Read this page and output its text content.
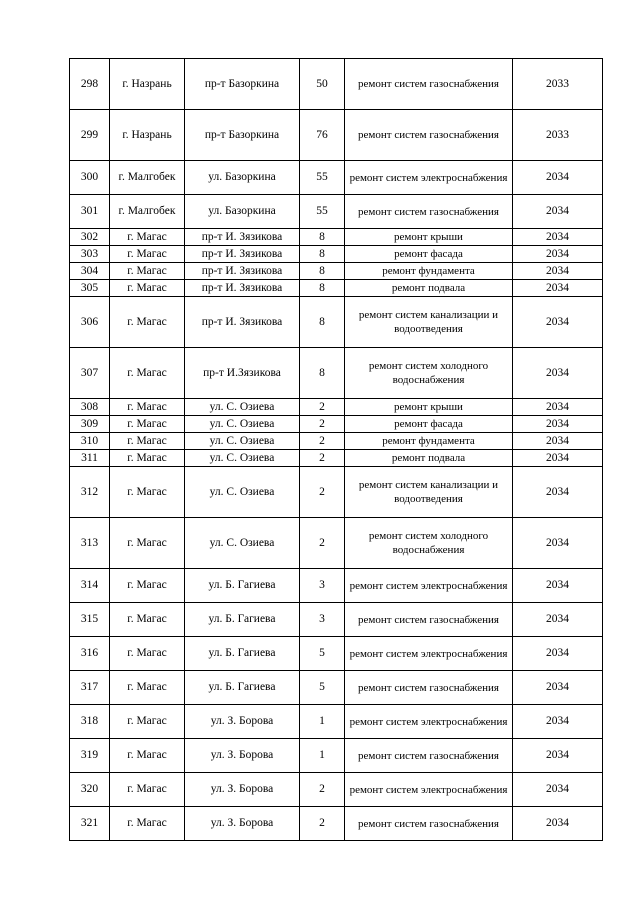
298	г. Назрань	пр-т Базоркина	50	ремонт систем газоснабжения	2033
299	г. Назрань	пр-т Базоркина	76	ремонт систем газоснабжения	2033
300	г. Малгобек	ул. Базоркина	55	ремонт систем электроснабжения	2034
301	г. Малгобек	ул. Базоркина	55	ремонт систем газоснабжения	2034
302	г. Магас	пр-т И. Зязикова	8	ремонт крыши	2034
303	г. Магас	пр-т И. Зязикова	8	ремонт фасада	2034
304	г. Магас	пр-т И. Зязикова	8	ремонт фундамента	2034
305	г. Магас	пр-т И. Зязикова	8	ремонт подвала	2034
306	г. Магас	пр-т И. Зязикова	8	ремонт систем канализации и водоотведения	2034
307	г. Магас	пр-т И.Зязикова	8	ремонт систем холодного водоснабжения	2034
308	г. Магас	ул. С. Озиева	2	ремонт крыши	2034
309	г. Магас	ул. С. Озиева	2	ремонт фасада	2034
310	г. Магас	ул. С. Озиева	2	ремонт фундамента	2034
311	г. Магас	ул. С. Озиева	2	ремонт подвала	2034
312	г. Магас	ул. С. Озиева	2	ремонт систем канализации и водоотведения	2034
313	г. Магас	ул. С. Озиева	2	ремонт систем холодного водоснабжения	2034
314	г. Магас	ул. Б. Гагиева	3	ремонт систем электроснабжения	2034
315	г. Магас	ул. Б. Гагиева	3	ремонт систем газоснабжения	2034
316	г. Магас	ул. Б. Гагиева	5	ремонт систем электроснабжения	2034
317	г. Магас	ул. Б. Гагиева	5	ремонт систем газоснабжения	2034
318	г. Магас	ул. З. Борова	1	ремонт систем электроснабжения	2034
319	г. Магас	ул. З. Борова	1	ремонт систем газоснабжения	2034
320	г. Магас	ул. З. Борова	2	ремонт систем электроснабжения	2034
321	г. Магас	ул. З. Борова	2	ремонт систем газоснабжения	2034
